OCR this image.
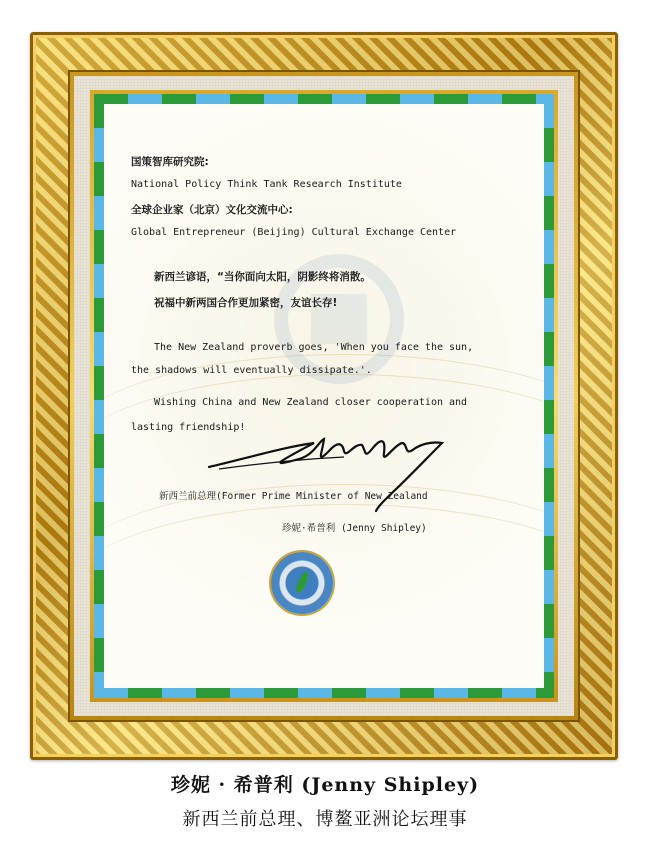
国策智库研究院:
National Policy Think Tank Research Institute
全球企业家（北京）文化交流中心:
Global Entrepreneur (Beijing) Cultural Exchange Center
新西兰谚语，“当你面向太阳，阴影终将消散。
祝福中新两国合作更加紧密，友谊长存!
The New Zealand proverb goes, 'When you face the sun,
the shadows will eventually dissipate.'.
Wishing China and New Zealand closer cooperation and
lasting friendship!
新西兰前总理(Former Prime Minister of New Zealand
珍妮·希普利 (Jenny Shipley)
珍妮 · 希普利 (Jenny Shipley)
新西兰前总理、博鳌亚洲论坛理事
